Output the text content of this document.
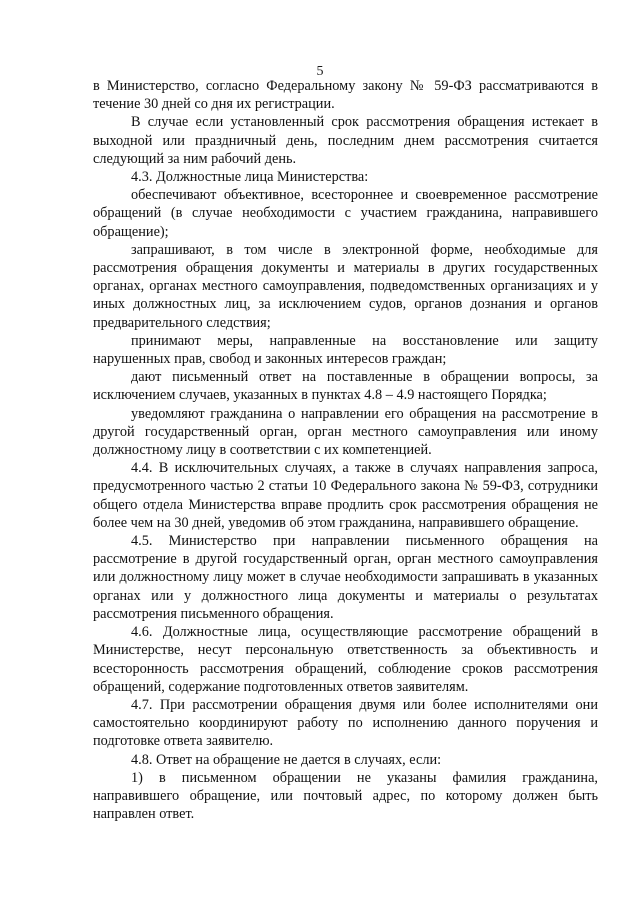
5

в Министерство, согласно Федеральному закону № 59-ФЗ рассматриваются в течение 30 дней со дня их регистрации.

В случае если установленный срок рассмотрения обращения истекает в выходной или праздничный день, последним днем рассмотрения считается следующий за ним рабочий день.

4.3. Должностные лица Министерства:

обеспечивают объективное, всестороннее и своевременное рассмотрение обращений (в случае необходимости с участием гражданина, направившего обращение);

запрашивают, в том числе в электронной форме, необходимые для рассмотрения обращения документы и материалы в других государственных органах, органах местного самоуправления, подведомственных организациях и у иных должностных лиц, за исключением судов, органов дознания и органов предварительного следствия;

принимают меры, направленные на восстановление или защиту нарушенных прав, свобод и законных интересов граждан;

дают письменный ответ на поставленные в обращении вопросы, за исключением случаев, указанных в пунктах 4.8 – 4.9 настоящего Порядка;

уведомляют гражданина о направлении его обращения на рассмотрение в другой государственный орган, орган местного самоуправления или иному должностному лицу в соответствии с их компетенцией.

4.4. В исключительных случаях, а также в случаях направления запроса, предусмотренного частью 2 статьи 10 Федерального закона № 59-ФЗ, сотрудники общего отдела Министерства вправе продлить срок рассмотрения обращения не более чем на 30 дней, уведомив об этом гражданина, направившего обращение.

4.5. Министерство при направлении письменного обращения на рассмотрение в другой государственный орган, орган местного самоуправления или должностному лицу может в случае необходимости запрашивать в указанных органах или у должностного лица документы и материалы о результатах рассмотрения письменного обращения.

4.6. Должностные лица, осуществляющие рассмотрение обращений в Министерстве, несут персональную ответственность за объективность и всесторонность рассмотрения обращений, соблюдение сроков рассмотрения обращений, содержание подготовленных ответов заявителям.

4.7. При рассмотрении обращения двумя или более исполнителями они самостоятельно координируют работу по исполнению данного поручения и подготовке ответа заявителю.

4.8. Ответ на обращение не дается в случаях, если:

1) в письменном обращении не указаны фамилия гражданина, направившего обращение, или почтовый адрес, по которому должен быть направлен ответ.
